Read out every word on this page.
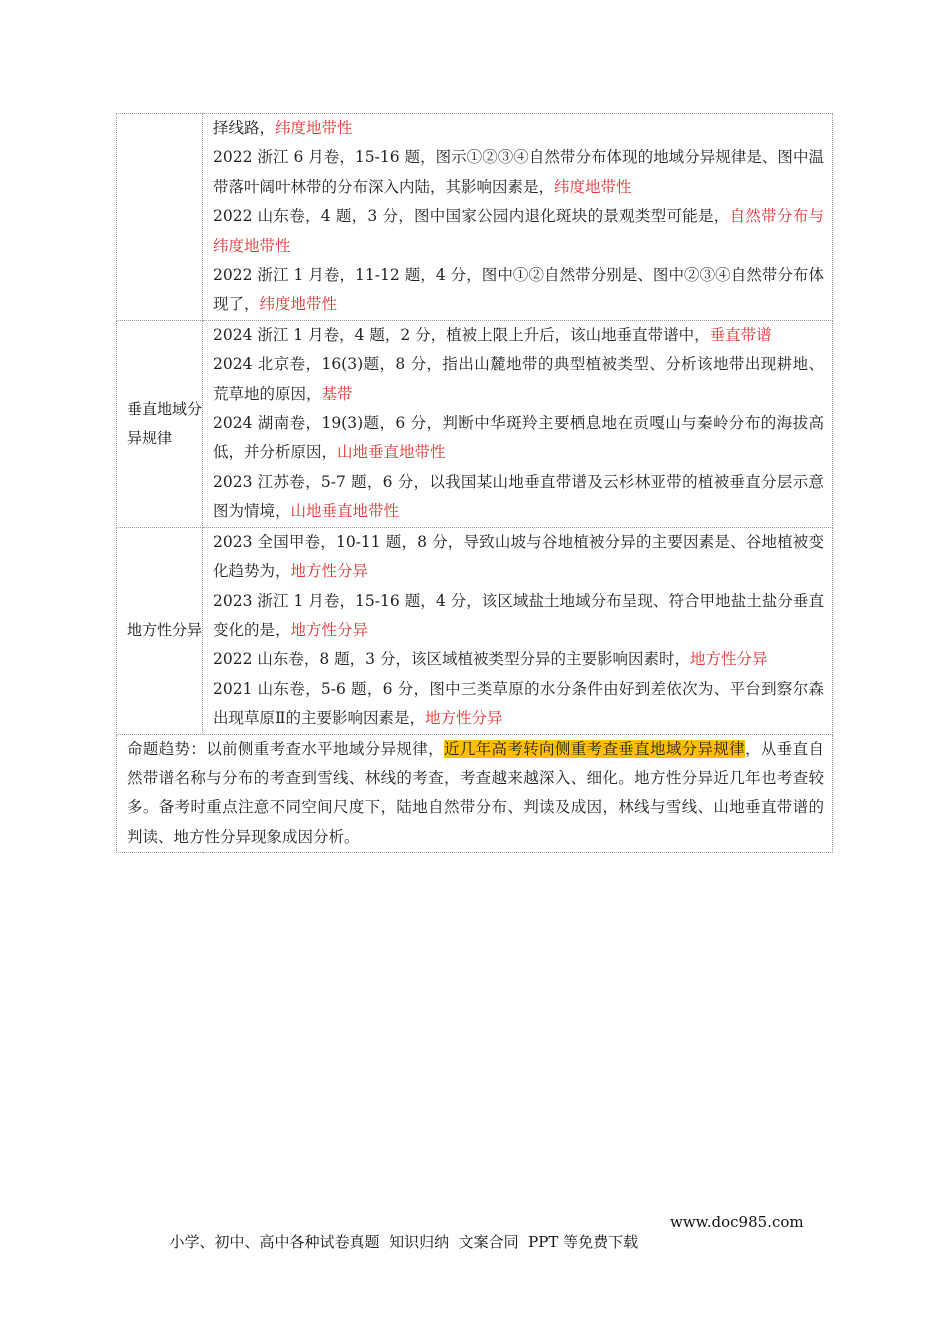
	择线路，纬度地带性
2022 浙江 6 月卷，15-16 题，图示①②③④自然带分布体现的地域分异规律是、图中温带落叶阔叶林带的分布深入内陆，其影响因素是，纬度地带性
2022 山东卷，4 题，3 分，图中国家公园内退化斑块的景观类型可能是，自然带分布与纬度地带性
2022 浙江 1 月卷，11-12 题，4 分，图中①②自然带分别是、图中②③④自然带分布体现了，纬度地带性

垂直地域分异规律	2024 浙江 1 月卷，4 题，2 分，植被上限上升后，该山地垂直带谱中，垂直带谱
2024 北京卷，16(3)题，8 分，指出山麓地带的典型植被类型、分析该地带出现耕地、荒草地的原因，基带
2024 湖南卷，19(3)题，6 分，判断中华斑羚主要栖息地在贡嘎山与秦岭分布的海拔高低，并分析原因，山地垂直地带性
2023 江苏卷，5-7 题，6 分，以我国某山地垂直带谱及云杉林亚带的植被垂直分层示意图为情境，山地垂直地带性

地方性分异	2023 全国甲卷，10-11 题，8 分，导致山坡与谷地植被分异的主要因素是、谷地植被变化趋势为，地方性分异
2023 浙江 1 月卷，15-16 题，4 分，该区域盐土地域分布呈现、符合甲地盐土盐分垂直变化的是，地方性分异
2022 山东卷，8 题，3 分，该区域植被类型分异的主要影响因素时，地方性分异
2021 山东卷，5-6 题，6 分，图中三类草原的水分条件由好到差依次为、平台到察尔森出现草原Ⅱ的主要影响因素是，地方性分异

命题趋势：以前侧重考查水平地域分异规律，近几年高考转向侧重考查垂直地域分异规律，从垂直自然带谱名称与分布的考查到雪线、林线的考查，考查越来越深入、细化。地方性分异近几年也考查较多。备考时重点注意不同空间尺度下，陆地自然带分布、判读及成因，林线与雪线、山地垂直带谱的判读、地方性分异现象成因分析。	

小学、初中、高中各种试卷真题  知识归纳  文案合同  PPT 等免费下载

www.doc985.com
